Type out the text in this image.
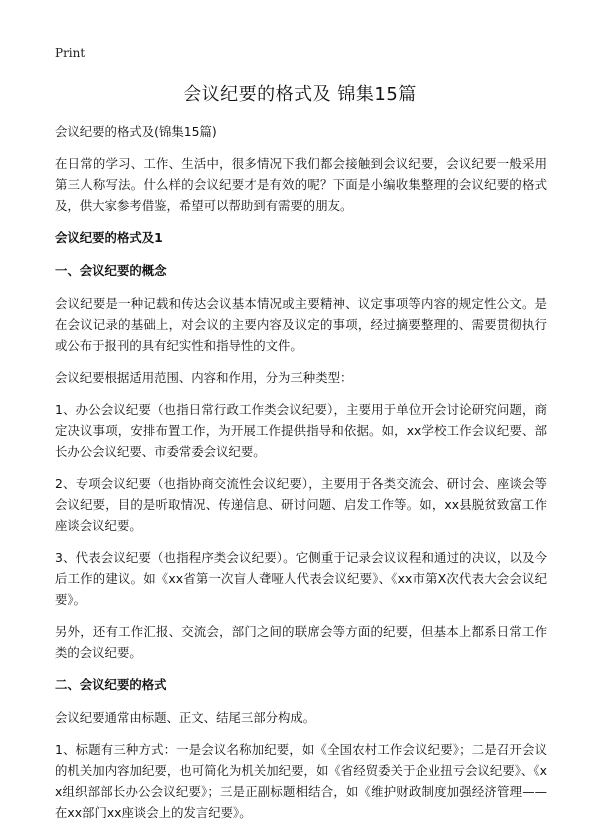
Print
会议纪要的格式及 锦集15篇

会议纪要的格式及(锦集15篇)

在日常的学习、工作、生活中，很多情况下我们都会接触到会议纪要，会议纪要一般采用第三人称写法。什么样的会议纪要才是有效的呢？下面是小编收集整理的会议纪要的格式及，供大家参考借鉴，希望可以帮助到有需要的朋友。

会议纪要的格式及1

一、会议纪要的概念

会议纪要是一种记载和传达会议基本情况或主要精神、议定事项等内容的规定性公文。是在会议记录的基础上，对会议的主要内容及议定的事项，经过摘要整理的、需要贯彻执行或公布于报刊的具有纪实性和指导性的文件。

会议纪要根据适用范围、内容和作用，分为三种类型：

1、办公会议纪要（也指日常行政工作类会议纪要），主要用于单位开会讨论研究问题，商定决议事项，安排布置工作，为开展工作提供指导和依据。如，xx学校工作会议纪要、部长办公会议纪要、市委常委会议纪要。

2、专项会议纪要（也指协商交流性会议纪要），主要用于各类交流会、研讨会、座谈会等会议纪要，目的是听取情况、传递信息、研讨问题、启发工作等。如，xx县脱贫致富工作座谈会议纪要。

3、代表会议纪要（也指程序类会议纪要）。它侧重于记录会议议程和通过的决议，以及今后工作的建议。如《xx省第一次盲人聋哑人代表会议纪要》、《xx市第X次代表大会会议纪要》。

另外，还有工作汇报、交流会，部门之间的联席会等方面的纪要，但基本上都系日常工作类的会议纪要。

二、会议纪要的格式

会议纪要通常由标题、正文、结尾三部分构成。

1、标题有三种方式：一是会议名称加纪要，如《全国农村工作会议纪要》；二是召开会议的机关加内容加纪要，也可简化为机关加纪要，如《省经贸委关于企业扭亏会议纪要》、《xx组织部部长办公会议纪要》；三是正副标题相结合，如《维护财政制度加强经济管理——在xx部门xx座谈会上的发言纪要》。
